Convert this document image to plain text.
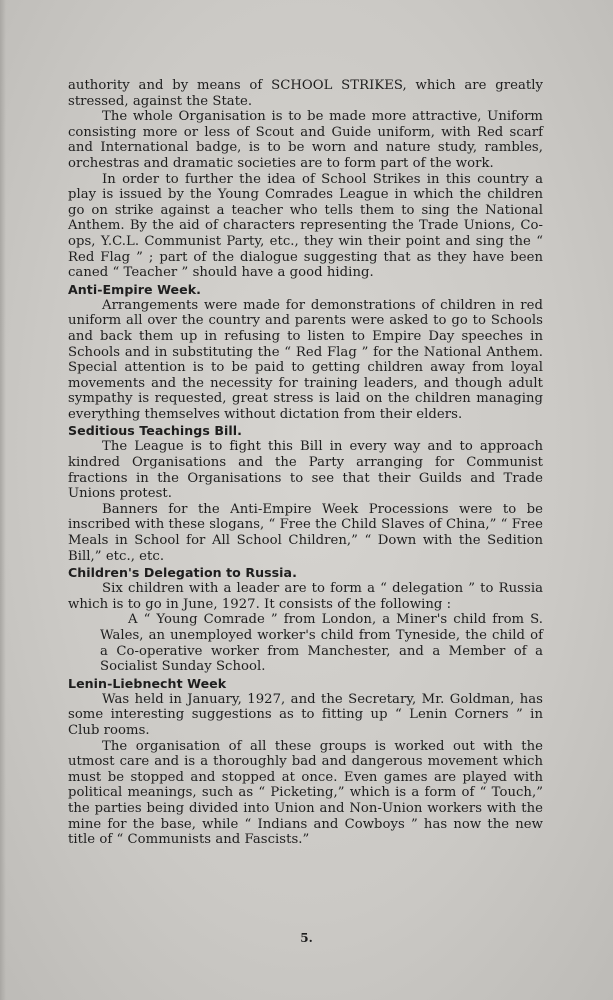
authority and by means of SCHOOL STRIKES, which are greatly stressed, against the State.

The whole Organisation is to be made more attractive, Uniform consisting more or less of Scout and Guide uniform, with Red scarf and International badge, is to be worn and nature study, rambles, orchestras and dramatic societies are to form part of the work.

In order to further the idea of School Strikes in this country a play is issued by the Young Comrades League in which the children go on strike against a teacher who tells them to sing the National Anthem. By the aid of characters representing the Trade Unions, Co-ops, Y.C.L. Communist Party, etc., they win their point and sing the “ Red Flag ” ; part of the dialogue suggesting that as they have been caned “ Teacher ” should have a good hiding.

Anti-Empire Week.

Arrangements were made for demonstrations of children in red uniform all over the country and parents were asked to go to Schools and back them up in refusing to listen to Empire Day speeches in Schools and in substituting the “ Red Flag ” for the National Anthem. Special attention is to be paid to getting children away from loyal movements and the necessity for training leaders, and though adult sympathy is requested, great stress is laid on the children managing everything themselves without dictation from their elders.

Seditious Teachings Bill.

The League is to fight this Bill in every way and to approach kindred Organisations and the Party arranging for Communist fractions in the Organisations to see that their Guilds and Trade Unions protest.

Banners for the Anti-Empire Week Processions were to be inscribed with these slogans, “ Free the Child Slaves of China,” “ Free Meals in School for All School Children,” “ Down with the Sedition Bill,” etc., etc.

Children's Delegation to Russia.

Six children with a leader are to form a “ delegation ” to Russia which is to go in June, 1927. It consists of the following :

A “ Young Comrade ” from London, a Miner's child from S. Wales, an unemployed worker's child from Tyneside, the child of a Co-operative worker from Manchester, and a Member of a Socialist Sunday School.

Lenin-Liebnecht Week

Was held in January, 1927, and the Secretary, Mr. Goldman, has some interesting suggestions as to fitting up “ Lenin Corners ” in Club rooms.

The organisation of all these groups is worked out with the utmost care and is a thoroughly bad and dangerous movement which must be stopped and stopped at once. Even games are played with political meanings, such as “ Picketing,” which is a form of “ Touch,” the parties being divided into Union and Non-Union workers with the mine for the base, while “ Indians and Cowboys ” has now the new title of “ Communists and Fascists.”

5.
